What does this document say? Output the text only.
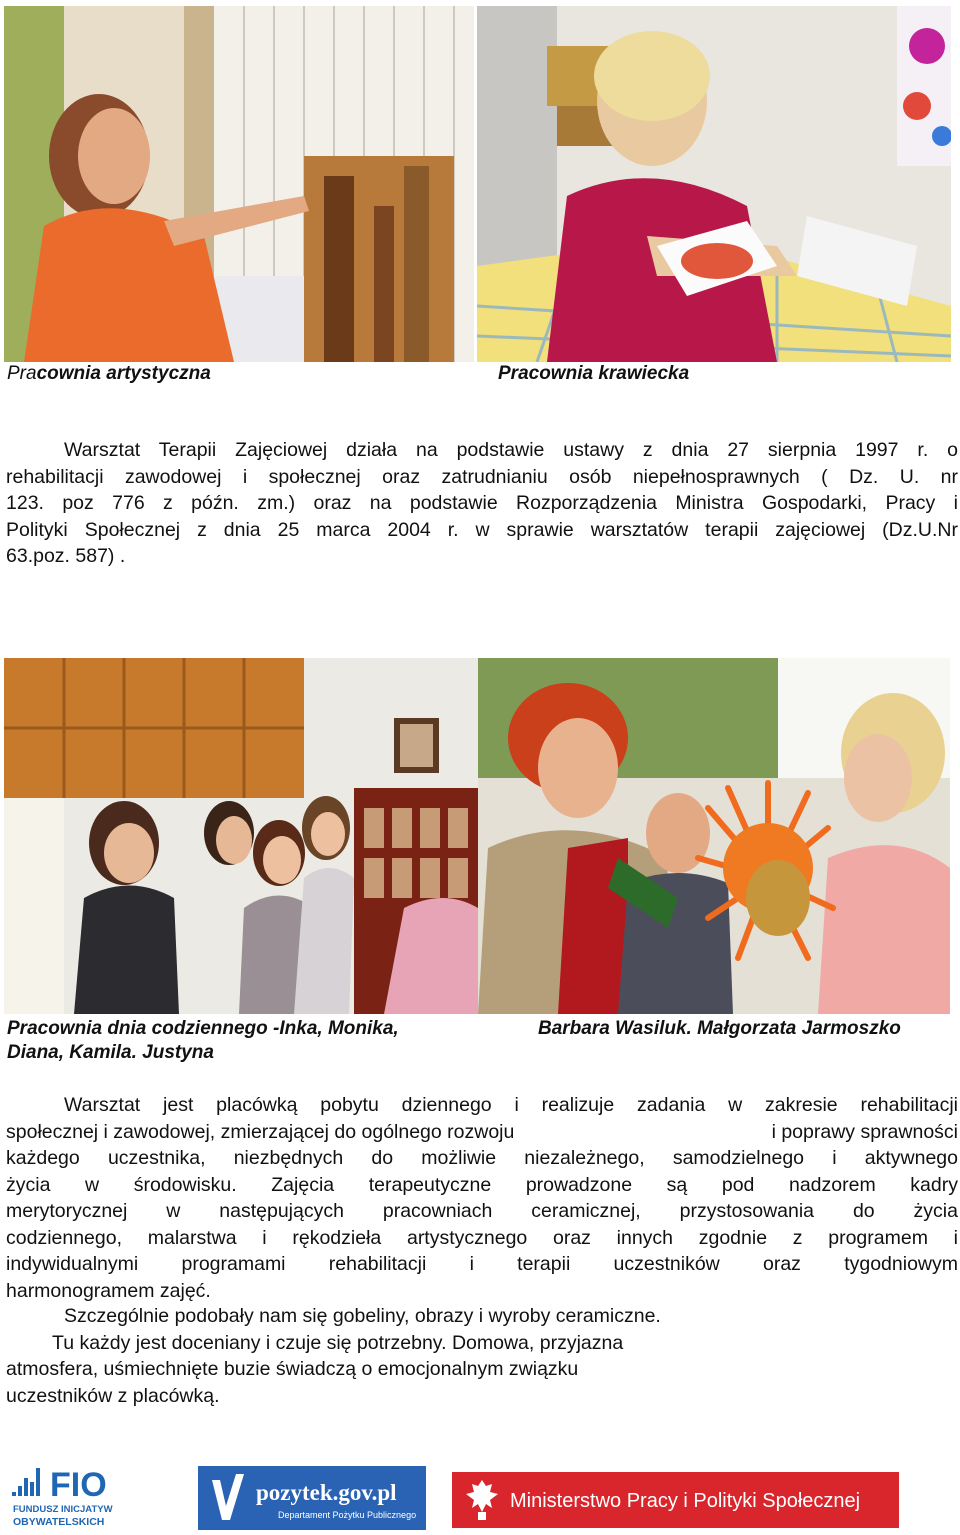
Pracownia artystyczna	Pracownia krawiecka
Warsztat Terapii Zajęciowej działa na podstawie ustawy z dnia 27 sierpnia 1997 r. o
rehabilitacji zawodowej i społecznej oraz zatrudnianiu osób niepełnosprawnych ( Dz. U. nr
123. poz 776 z późn. zm.) oraz na podstawie Rozporządzenia Ministra Gospodarki, Pracy i
Polityki Społecznej z dnia 25 marca 2004 r. w sprawie warsztatów terapii zajęciowej (Dz.U.Nr
63.poz. 587) .
Pracownia dnia codziennego -Inka, Monika,
Diana, Kamila. Justyna
Barbara Wasiluk. Małgorzata Jarmoszko
Warsztat jest placówką pobytu dziennego i realizuje zadania w zakresie rehabilitacji
społecznej i zawodowej, zmierzającej do ogólnego rozwoju	i poprawy sprawności
każdego uczestnika, niezbędnych do możliwie niezależnego, samodzielnego i aktywnego
życia w środowisku. Zajęcia terapeutyczne prowadzone są pod nadzorem kadry
merytorycznej w następujących pracowniach ceramicznej, przystosowania do życia
codziennego, malarstwa i rękodzieła artystycznego oraz innych zgodnie z programem i
indywidualnymi programami rehabilitacji i terapii uczestników oraz tygodniowym
harmonogramem zajęć.
Szczególnie podobały nam się gobeliny, obrazy i wyroby ceramiczne.
Tu każdy jest doceniany i czuje się potrzebny. Domowa, przyjazna
atmosfera, uśmiechnięte buzie świadczą o emocjonalnym związku
uczestników z placówką.
FIO
FUNDUSZ INICJATYW
OBYWATELSKICH
pozytek.gov.pl
Departament Pożytku Publicznego
Ministerstwo Pracy i Polityki Społecznej
